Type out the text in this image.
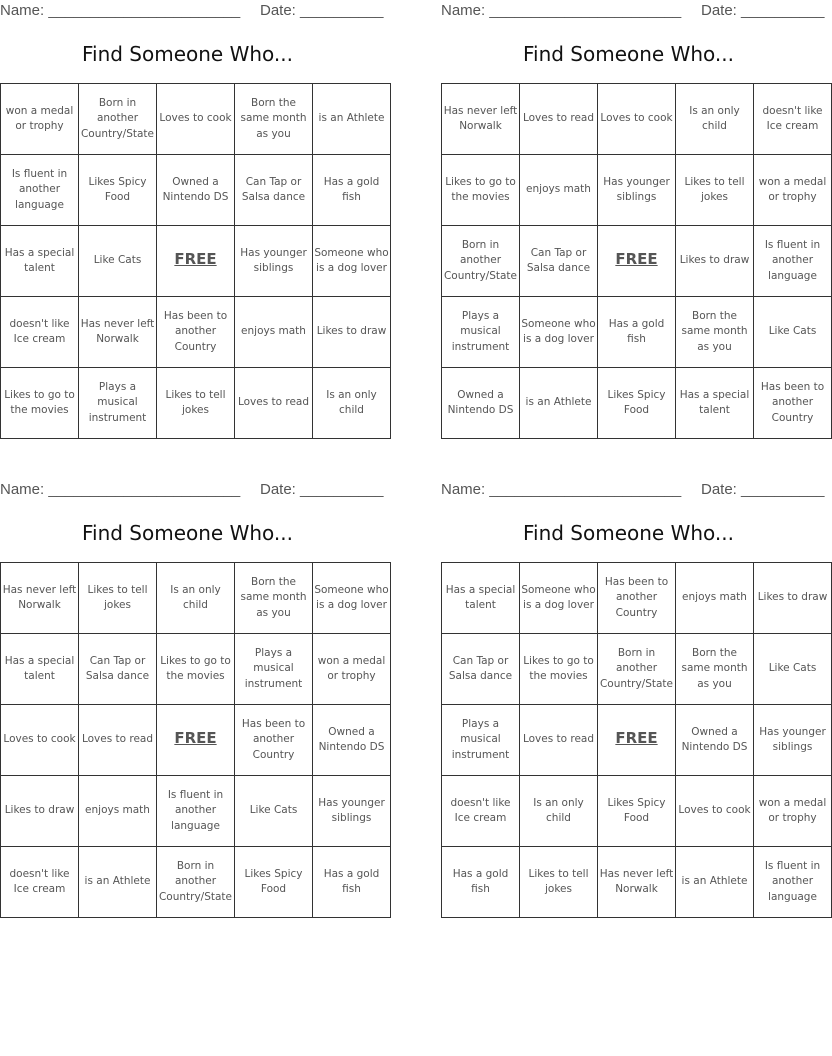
Name: _______________________ Date: __________
Find Someone Who...
won a medal or trophy	Born in another Country/State	Loves to cook	Born the same month as you	is an Athlete
Is fluent in another language	Likes Spicy Food	Owned a Nintendo DS	Can Tap or Salsa dance	Has a gold fish
Has a special talent	Like Cats	FREE	Has younger siblings	Someone who is a dog lover
doesn't like Ice cream	Has never left Norwalk	Has been to another Country	enjoys math	Likes to draw
Likes to go to the movies	Plays a musical instrument	Likes to tell jokes	Loves to read	Is an only child
Name: _______________________ Date: __________
Find Someone Who...
Has never left Norwalk	Loves to read	Loves to cook	Is an only child	doesn't like Ice cream
Likes to go to the movies	enjoys math	Has younger siblings	Likes to tell jokes	won a medal or trophy
Born in another Country/State	Can Tap or Salsa dance	FREE	Likes to draw	Is fluent in another language
Plays a musical instrument	Someone who is a dog lover	Has a gold fish	Born the same month as you	Like Cats
Owned a Nintendo DS	is an Athlete	Likes Spicy Food	Has a special talent	Has been to another Country
Name: _______________________ Date: __________
Find Someone Who...
Has never left Norwalk	Likes to tell jokes	Is an only child	Born the same month as you	Someone who is a dog lover
Has a special talent	Can Tap or Salsa dance	Likes to go to the movies	Plays a musical instrument	won a medal or trophy
Loves to cook	Loves to read	FREE	Has been to another Country	Owned a Nintendo DS
Likes to draw	enjoys math	Is fluent in another language	Like Cats	Has younger siblings
doesn't like Ice cream	is an Athlete	Born in another Country/State	Likes Spicy Food	Has a gold fish
Name: _______________________ Date: __________
Find Someone Who...
Has a special talent	Someone who is a dog lover	Has been to another Country	enjoys math	Likes to draw
Can Tap or Salsa dance	Likes to go to the movies	Born in another Country/State	Born the same month as you	Like Cats
Plays a musical instrument	Loves to read	FREE	Owned a Nintendo DS	Has younger siblings
doesn't like Ice cream	Is an only child	Likes Spicy Food	Loves to cook	won a medal or trophy
Has a gold fish	Likes to tell jokes	Has never left Norwalk	is an Athlete	Is fluent in another language
